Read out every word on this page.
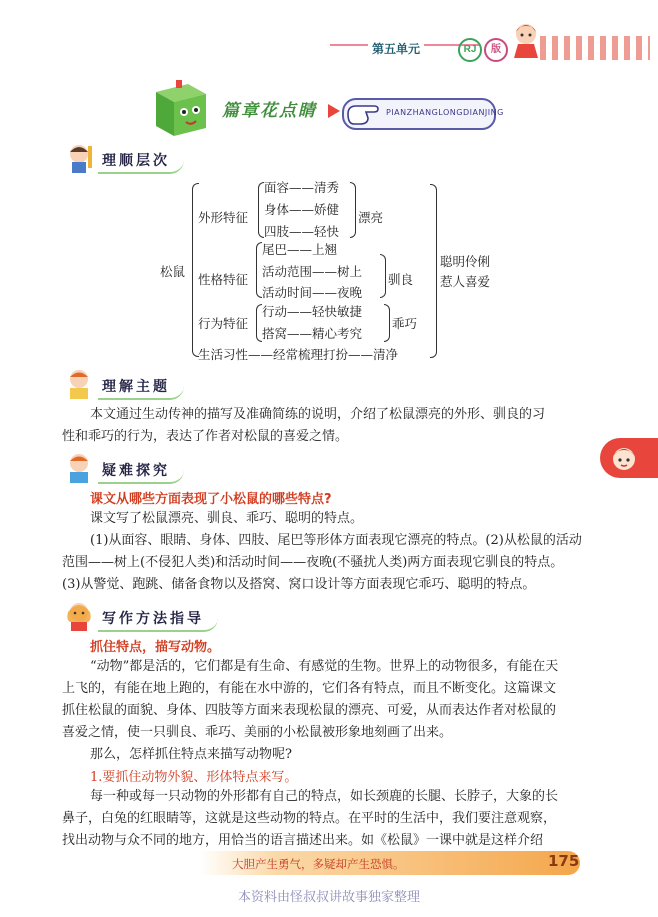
第五单元	RJ	版
篇章花点睛	PIANZHANGLONGDIANJING
理顺层次
松鼠
外形特征
面容——清秀
身体——娇健
四肢——轻快
漂亮
性格特征
尾巴——上翘
活动范围——树上
活动时间——夜晚
驯良
行为特征
行动——轻快敏捷
搭窝——精心考究
乖巧
生活习性——经常梳理打扮——清净
聪明伶俐
惹人喜爱
理解主题
本文通过生动传神的描写及准确简练的说明，介绍了松鼠漂亮的外形、驯良的习
性和乖巧的行为，表达了作者对松鼠的喜爱之情。
疑难探究
课文从哪些方面表现了小松鼠的哪些特点?
课文写了松鼠漂亮、驯良、乖巧、聪明的特点。
(1)从面容、眼睛、身体、四肢、尾巴等形体方面表现它漂亮的特点。(2)从松鼠的活动
范围——树上(不侵犯人类)和活动时间——夜晚(不骚扰人类)两方面表现它驯良的特点。
(3)从警觉、跑跳、储备食物以及搭窝、窝口设计等方面表现它乖巧、聪明的特点。
写作方法指导
抓住特点，描写动物。
“动物”都是活的，它们都是有生命、有感觉的生物。世界上的动物很多，有能在天
上飞的，有能在地上跑的，有能在水中游的，它们各有特点，而且不断变化。这篇课文
抓住松鼠的面貌、身体、四肢等方面来表现松鼠的漂亮、可爱，从而表达作者对松鼠的
喜爱之情，使一只驯良、乖巧、美丽的小松鼠被形象地刻画了出来。
那么，怎样抓住特点来描写动物呢?
1.要抓住动物外貌、形体特点来写。
每一种或每一只动物的外形都有自己的特点，如长颈鹿的长腿、长脖子，大象的长
鼻子，白兔的红眼睛等，这就是这些动物的特点。在平时的生活中，我们要注意观察，
找出动物与众不同的地方，用恰当的语言描述出来。如《松鼠》一课中就是这样介绍
大胆产生勇气，多疑却产生恐惧。	175
本资料由怪叔叔讲故事独家整理
